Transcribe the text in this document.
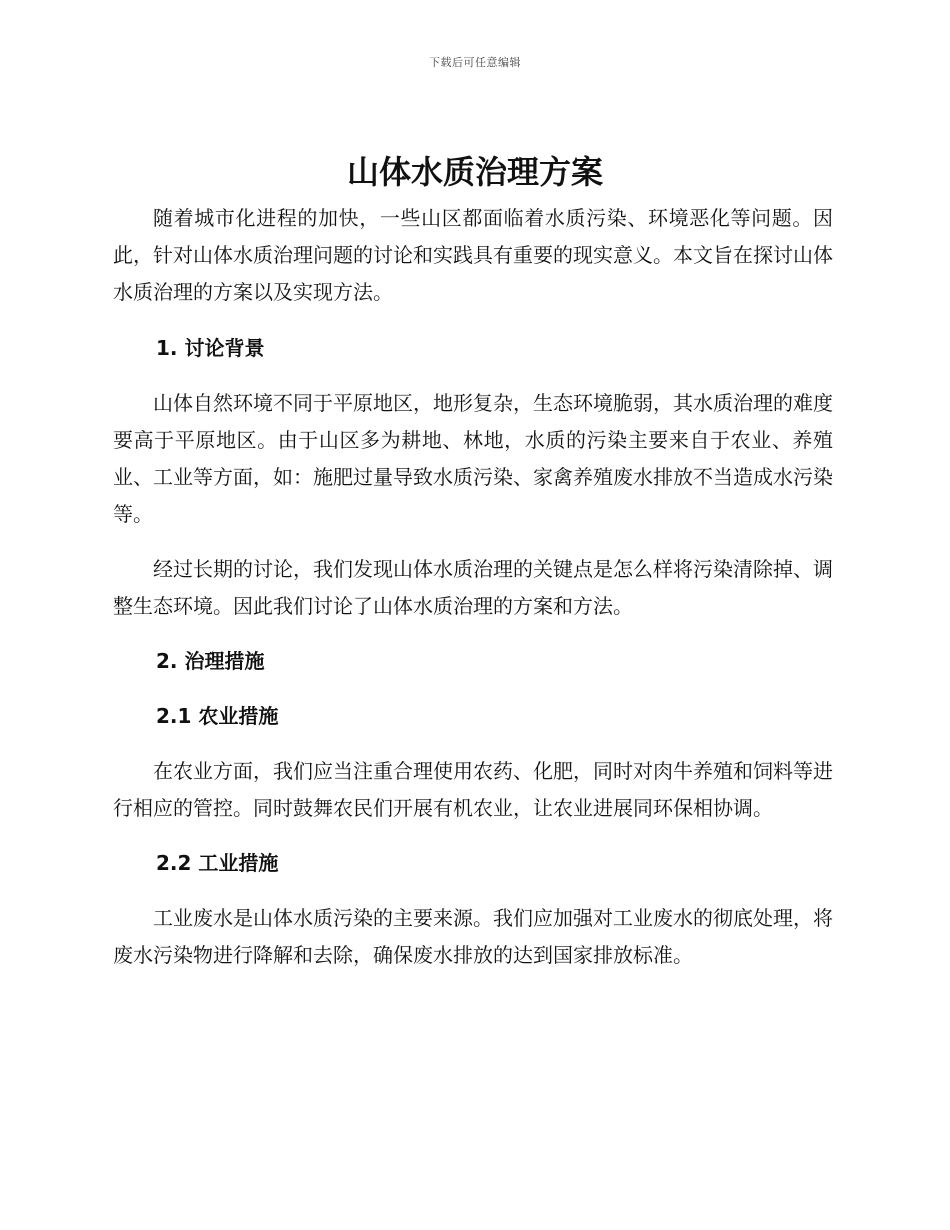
下载后可任意编辑
山体水质治理方案

随着城市化进程的加快，一些山区都面临着水质污染、环境恶化等问题。因此，针对山体水质治理问题的讨论和实践具有重要的现实意义。本文旨在探讨山体水质治理的方案以及实现方法。

1. 讨论背景

山体自然环境不同于平原地区，地形复杂，生态环境脆弱，其水质治理的难度要高于平原地区。由于山区多为耕地、林地，水质的污染主要来自于农业、养殖业、工业等方面，如：施肥过量导致水质污染、家禽养殖废水排放不当造成水污染等。

经过长期的讨论，我们发现山体水质治理的关键点是怎么样将污染清除掉、调整生态环境。因此我们讨论了山体水质治理的方案和方法。

2. 治理措施
2.1 农业措施

在农业方面，我们应当注重合理使用农药、化肥，同时对肉牛养殖和饲料等进行相应的管控。同时鼓舞农民们开展有机农业，让农业进展同环保相协调。

2.2 工业措施

工业废水是山体水质污染的主要来源。我们应加强对工业废水的彻底处理，将废水污染物进行降解和去除，确保废水排放的达到国家排放标准。
